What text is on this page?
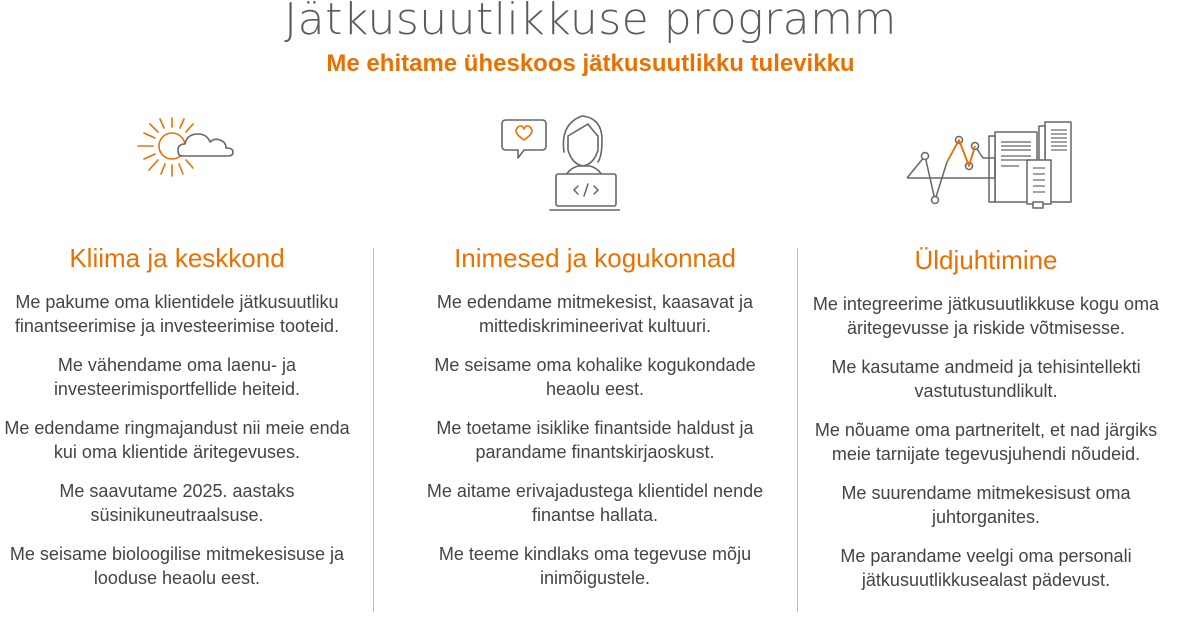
Jätkusuutlikkuse programm
Me ehitame üheskoos jätkusuutlikku tulevikku
Kliima ja keskkond
Me pakume oma klientidele jätkusuutliku finantseerimise ja investeerimise tooteid.
Me vähendame oma laenu- ja investeerimisportfellide heiteid.
Me edendame ringmajandust nii meie enda kui oma klientide äritegevuses.
Me saavutame 2025. aastaks süsinikuneutraalsuse.
Me seisame bioloogilise mitmekesisuse ja looduse heaolu eest.
Inimesed ja kogukonnad
Me edendame mitmekesist, kaasavat ja mittediskrimineerivat kultuuri.
Me seisame oma kohalike kogukondade heaolu eest.
Me toetame isiklike finantside haldust ja parandame finantskirjaoskust.
Me aitame erivajadustega klientidel nende finantse hallata.
Me teeme kindlaks oma tegevuse mõju inimõigustele.
Üldjuhtimine
Me integreerime jätkusuutlikkuse kogu oma äritegevusse ja riskide võtmisesse.
Me kasutame andmeid ja tehisintellekti vastutustundlikult.
Me nõuame oma partneritelt, et nad järgiks meie tarnijate tegevusjuhendi nõudeid.
Me suurendame mitmekesisust oma juhtorganites.
Me parandame veelgi oma personali jätkusuutlikkusealast pädevust.
